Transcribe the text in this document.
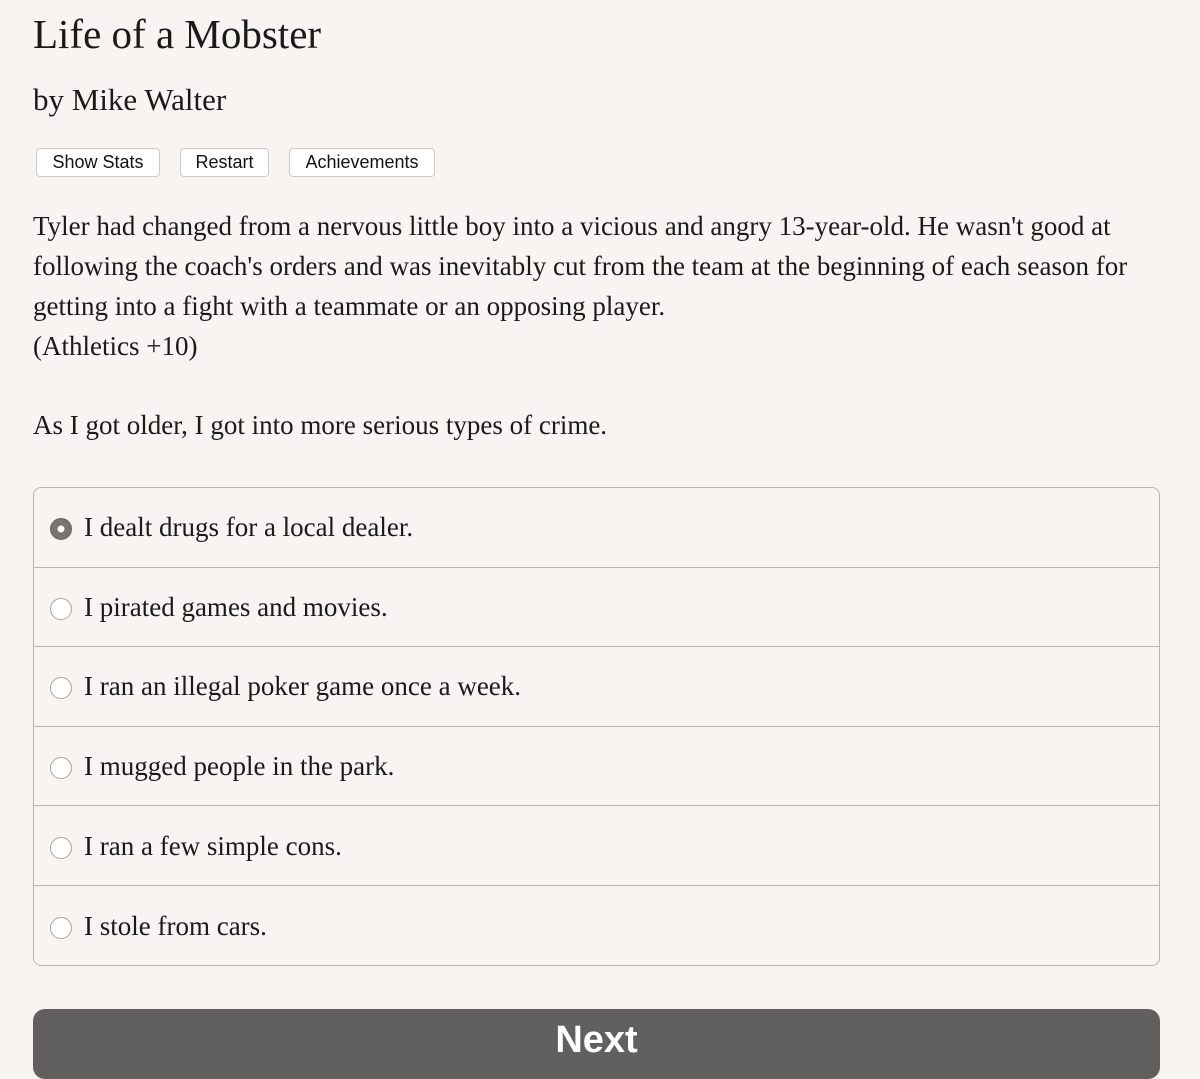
Life of a Mobster
by Mike Walter
Show Stats	Restart	Achievements

Tyler had changed from a nervous little boy into a vicious and angry 13-year-old. He wasn't good at following the coach's orders and was inevitably cut from the team at the beginning of each season for getting into a fight with a teammate or an opposing player.
(Athletics +10)

As I got older, I got into more serious types of crime.

I dealt drugs for a local dealer.
I pirated games and movies.
I ran an illegal poker game once a week.
I mugged people in the park.
I ran a few simple cons.
I stole from cars.
Next
